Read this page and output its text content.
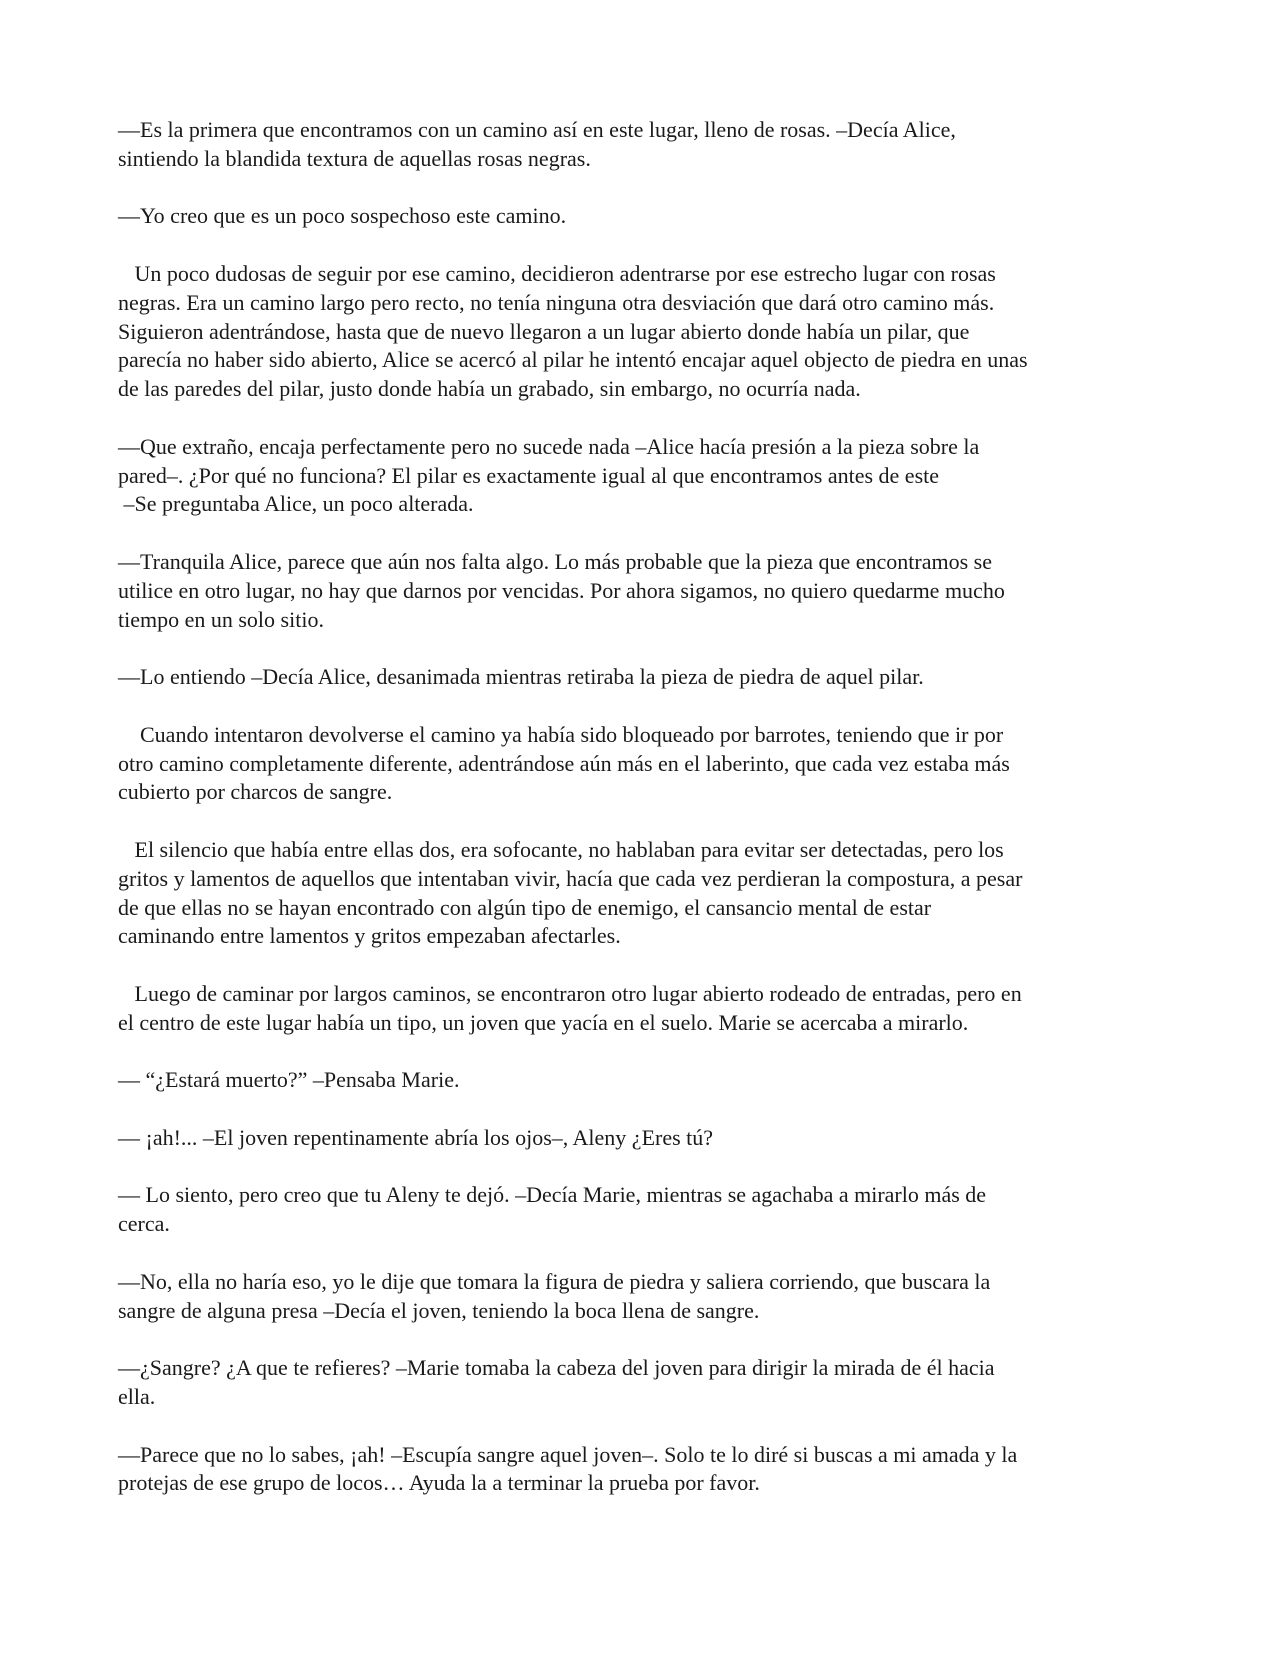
—Es la primera que encontramos con un camino así en este lugar, lleno de rosas. –Decía Alice,
sintiendo la blandida textura de aquellas rosas negras.

—Yo creo que es un poco sospechoso este camino.

Un poco dudosas de seguir por ese camino, decidieron adentrarse por ese estrecho lugar con rosas
negras. Era un camino largo pero recto, no tenía ninguna otra desviación que dará otro camino más.
Siguieron adentrándose, hasta que de nuevo llegaron a un lugar abierto donde había un pilar, que
parecía no haber sido abierto, Alice se acercó al pilar he intentó encajar aquel objecto de piedra en unas
de las paredes del pilar, justo donde había un grabado, sin embargo, no ocurría nada.

—Que extraño, encaja perfectamente pero no sucede nada –Alice hacía presión a la pieza sobre la
pared–. ¿Por qué no funciona? El pilar es exactamente igual al que encontramos antes de este
–Se preguntaba Alice, un poco alterada.

—Tranquila Alice, parece que aún nos falta algo. Lo más probable que la pieza que encontramos se
utilice en otro lugar, no hay que darnos por vencidas. Por ahora sigamos, no quiero quedarme mucho
tiempo en un solo sitio.

—Lo entiendo –Decía Alice, desanimada mientras retiraba la pieza de piedra de aquel pilar.

Cuando intentaron devolverse el camino ya había sido bloqueado por barrotes, teniendo que ir por
otro camino completamente diferente, adentrándose aún más en el laberinto, que cada vez estaba más
cubierto por charcos de sangre.

El silencio que había entre ellas dos, era sofocante, no hablaban para evitar ser detectadas, pero los
gritos y lamentos de aquellos que intentaban vivir, hacía que cada vez perdieran la compostura, a pesar
de que ellas no se hayan encontrado con algún tipo de enemigo, el cansancio mental de estar
caminando entre lamentos y gritos empezaban afectarles.

Luego de caminar por largos caminos, se encontraron otro lugar abierto rodeado de entradas, pero en
el centro de este lugar había un tipo, un joven que yacía en el suelo. Marie se acercaba a mirarlo.

— “¿Estará muerto?” –Pensaba Marie.

— ¡ah!... –El joven repentinamente abría los ojos–, Aleny ¿Eres tú?

— Lo siento, pero creo que tu Aleny te dejó. –Decía Marie, mientras se agachaba a mirarlo más de
cerca.

—No, ella no haría eso, yo le dije que tomara la figura de piedra y saliera corriendo, que buscara la
sangre de alguna presa –Decía el joven, teniendo la boca llena de sangre.

—¿Sangre? ¿A que te refieres? –Marie tomaba la cabeza del joven para dirigir la mirada de él hacia
ella.

—Parece que no lo sabes, ¡ah! –Escupía sangre aquel joven–. Solo te lo diré si buscas a mi amada y la
protejas de ese grupo de locos… Ayuda la a terminar la prueba por favor.
